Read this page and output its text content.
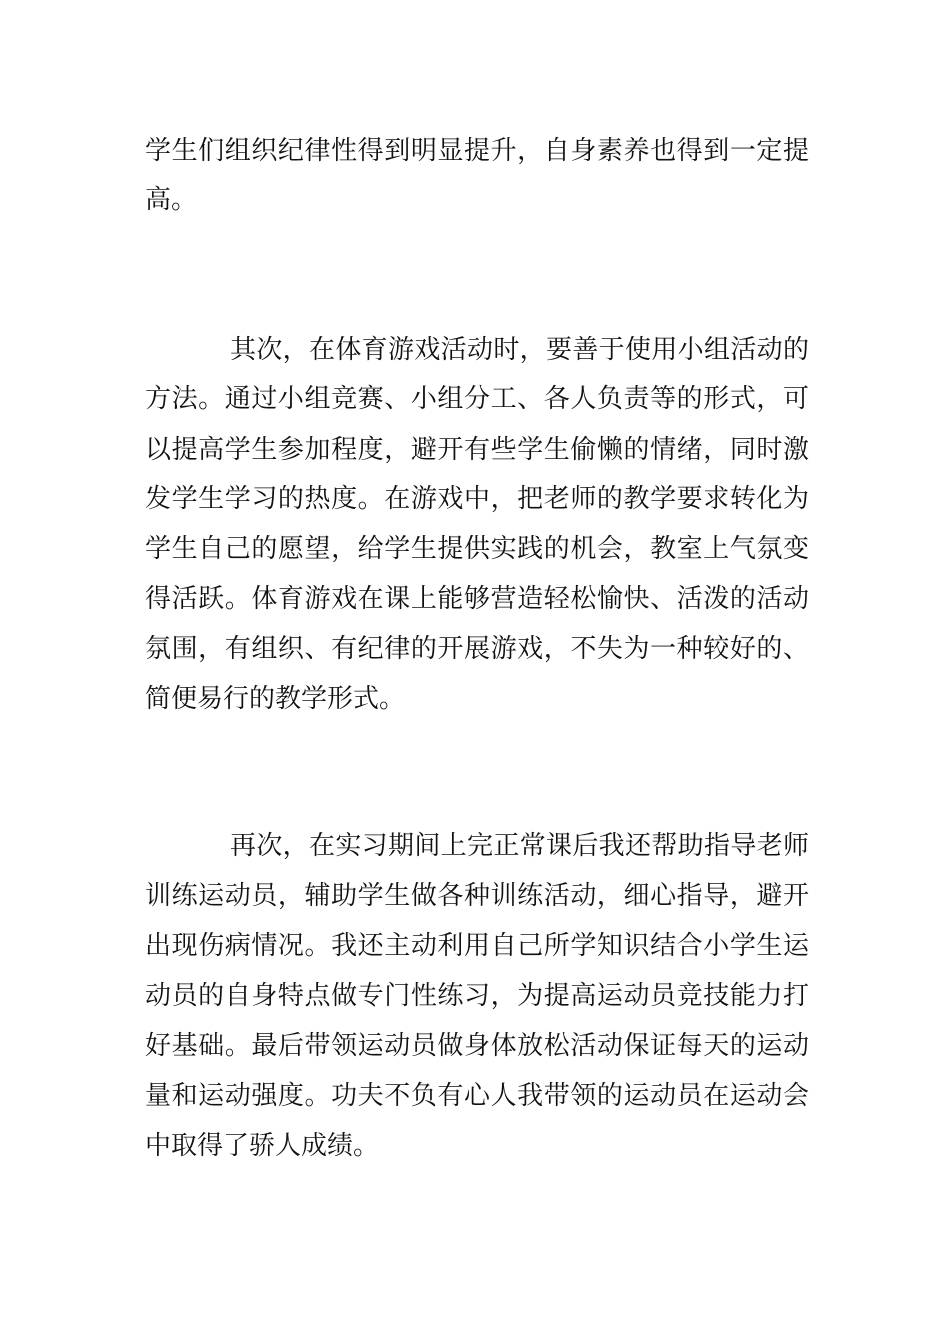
学生们组织纪律性得到明显提升，自身素养也得到一定提
高。
其次，在体育游戏活动时，要善于使用小组活动的
方法。通过小组竞赛、小组分工、各人负责等的形式，可
以提高学生参加程度，避开有些学生偷懒的情绪，同时激
发学生学习的热度。在游戏中，把老师的教学要求转化为
学生自己的愿望，给学生提供实践的机会，教室上气氛变
得活跃。体育游戏在课上能够营造轻松愉快、活泼的活动
氛围，有组织、有纪律的开展游戏，不失为一种较好的、
简便易行的教学形式。
再次，在实习期间上完正常课后我还帮助指导老师
训练运动员，辅助学生做各种训练活动，细心指导，避开
出现伤病情况。我还主动利用自己所学知识结合小学生运
动员的自身特点做专门性练习，为提高运动员竞技能力打
好基础。最后带领运动员做身体放松活动保证每天的运动
量和运动强度。功夫不负有心人我带领的运动员在运动会
中取得了骄人成绩。
